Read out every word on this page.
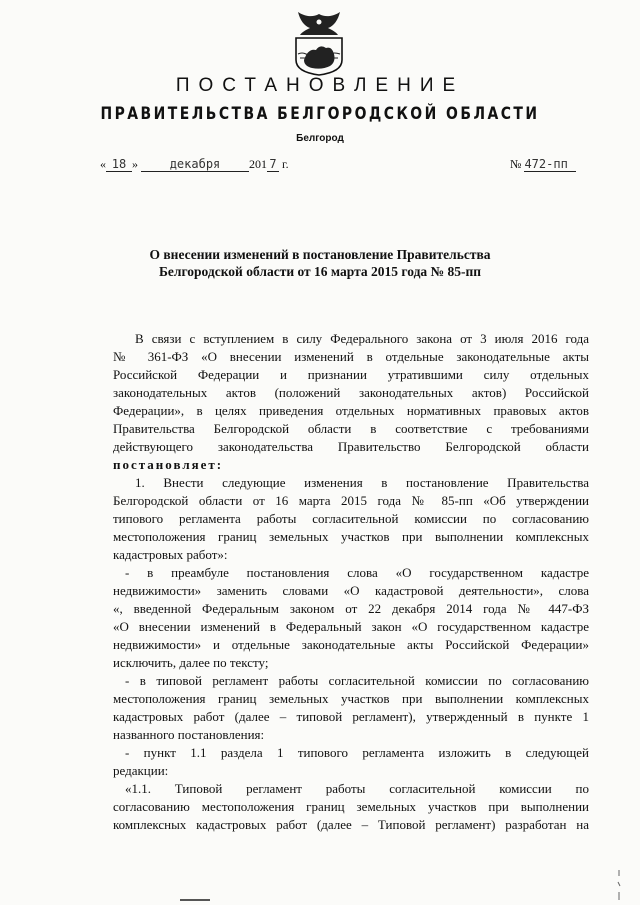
ПОСТАНОВЛЕНИЕ
ПРАВИТЕЛЬСТВА БЕЛГОРОДСКОЙ ОБЛАСТИ
Белгород
« 18 »	декабря 201 7 г.	№ 472-пп
О внесении изменений в постановление Правительства
Белгородской области от 16 марта 2015 года № 85-пп

В связи с вступлением в силу Федерального закона от 3 июля 2016 года

№ 361-ФЗ «О внесении изменений в отдельные законодательные акты

Российской Федерации и признании утратившими силу отдельных

законодательных актов (положений законодательных актов) Российской

Федерации», в целях приведения отдельных нормативных правовых актов

Правительства Белгородской области в соответствие с требованиями

действующего законодательства Правительство Белгородской области

постановляет:

1. Внести следующие изменения в постановление Правительства

Белгородской области от 16 марта 2015 года № 85-пп «Об утверждении

типового регламента работы согласительной комиссии по согласованию

местоположения границ земельных участков при выполнении комплексных

кадастровых работ»:

- в преамбуле постановления слова «О государственном кадастре

недвижимости» заменить словами «О кадастровой деятельности», слова

«, введенной Федеральным законом от 22 декабря 2014 года № 447-ФЗ

«О внесении изменений в Федеральный закон «О государственном кадастре

недвижимости» и отдельные законодательные акты Российской Федерации»

исключить, далее по тексту;

- в типовой регламент работы согласительной комиссии по согласованию

местоположения границ земельных участков при выполнении комплексных

кадастровых работ (далее – типовой регламент), утвержденный в пункте 1

названного постановления:

- пункт 1.1 раздела 1 типового регламента изложить в следующей

редакции:

«1.1. Типовой регламент работы согласительной комиссии по

согласованию местоположения границ земельных участков при выполнении

комплексных кадастровых работ (далее – Типовой регламент) разработан на
